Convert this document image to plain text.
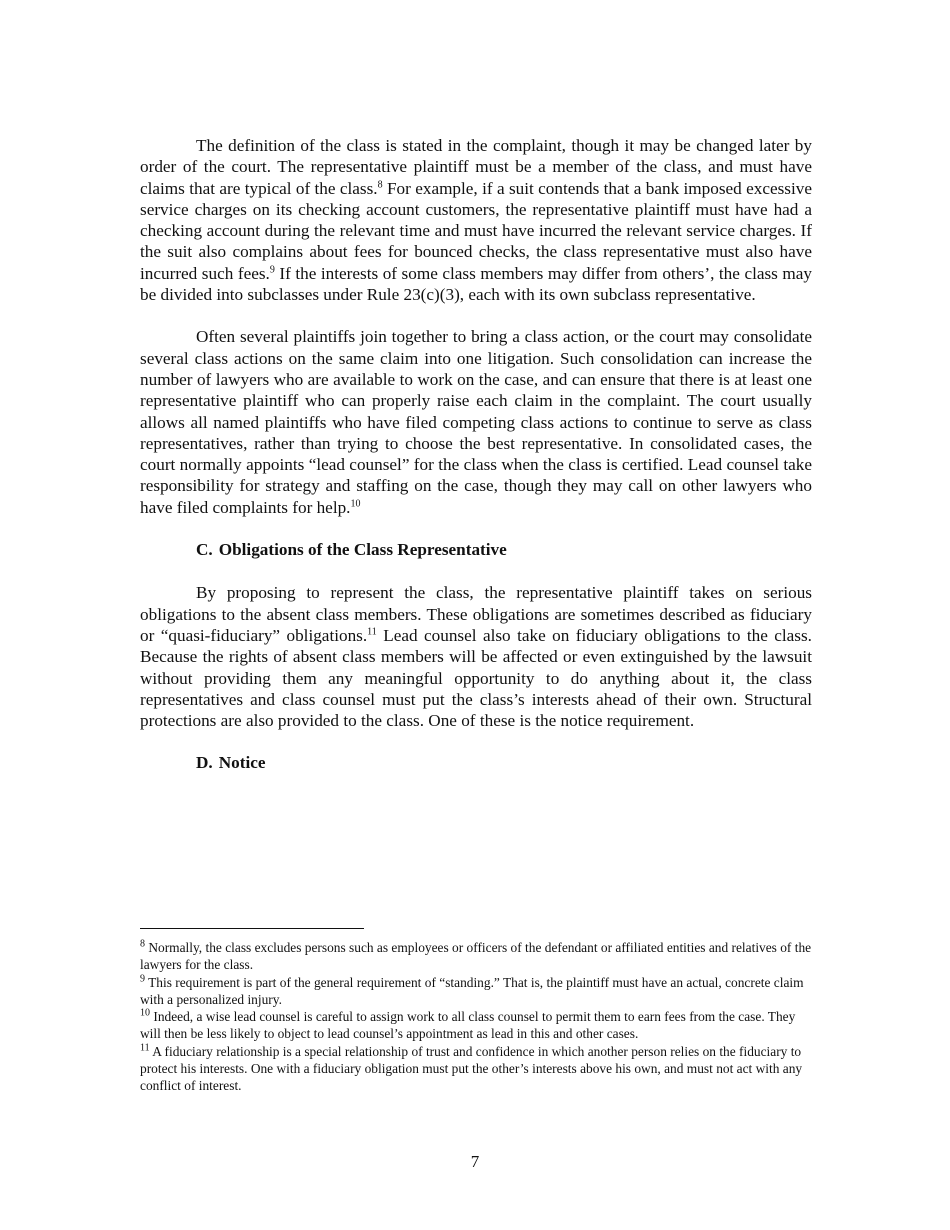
The definition of the class is stated in the complaint, though it may be changed later by order of the court. The representative plaintiff must be a member of the class, and must have claims that are typical of the class.$^8$ For example, if a suit contends that a bank imposed excessive service charges on its checking account customers, the representative plaintiff must have had a checking account during the relevant time and must have incurred the relevant service charges. If the suit also complains about fees for bounced checks, the class representative must also have incurred such fees.$^9$ If the interests of some class members may differ from others’, the class may be divided into subclasses under Rule 23(c)(3), each with its own subclass representative.

Often several plaintiffs join together to bring a class action, or the court may consolidate several class actions on the same claim into one litigation. Such consolidation can increase the number of lawyers who are available to work on the case, and can ensure that there is at least one representative plaintiff who can properly raise each claim in the complaint. The court usually allows all named plaintiffs who have filed competing class actions to continue to serve as class representatives, rather than trying to choose the best representative. In consolidated cases, the court normally appoints “lead counsel” for the class when the class is certified. Lead counsel take responsibility for strategy and staffing on the case, though they may call on other lawyers who have filed complaints for help.$^{10}$

C. Obligations of the Class Representative

By proposing to represent the class, the representative plaintiff takes on serious obligations to the absent class members. These obligations are sometimes described as fiduciary or “quasi-fiduciary” obligations.$^{11}$ Lead counsel also take on fiduciary obligations to the class. Because the rights of absent class members will be affected or even extinguished by the lawsuit without providing them any meaningful opportunity to do anything about it, the class representatives and class counsel must put the class’s interests ahead of their own. Structural protections are also provided to the class. One of these is the notice requirement.

D. Notice

$^8$ Normally, the class excludes persons such as employees or officers of the defendant or affiliated entities and relatives of the lawyers for the class.

$^9$ This requirement is part of the general requirement of “standing.” That is, the plaintiff must have an actual, concrete claim with a personalized injury.

$^{10}$ Indeed, a wise lead counsel is careful to assign work to all class counsel to permit them to earn fees from the case. They will then be less likely to object to lead counsel’s appointment as lead in this and other cases.

$^{11}$ A fiduciary relationship is a special relationship of trust and confidence in which another person relies on the fiduciary to protect his interests. One with a fiduciary obligation must put the other’s interests above his own, and must not act with any conflict of interest.

7
